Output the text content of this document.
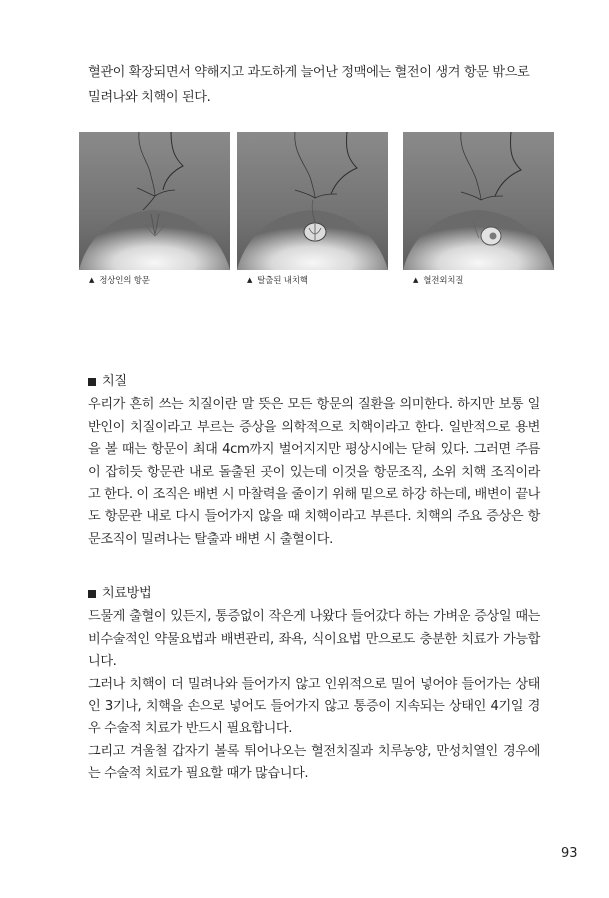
혈관이 확장되면서 약해지고 과도하게 늘어난 정맥에는 혈전이 생겨 항문 밖으로

밀려나와 치핵이 된다.

▲ 정상인의 항문	▲ 탈출된 내치핵	▲ 혈전외치질
치질

우리가 흔히 쓰는 치질이란 말 뜻은 모든 항문의 질환을 의미한다. 하지만 보통 일반인이 치질이라고 부르는 증상을 의학적으로 치핵이라고 한다. 일반적으로 용변을 볼 때는 항문이 최대 4cm까지 벌어지지만 평상시에는 닫혀 있다. 그러면 주름이 잡히듯 항문관 내로 돌출된 곳이 있는데 이것을 항문조직, 소위 치핵 조직이라고 한다. 이 조직은 배변 시 마찰력을 줄이기 위해 밑으로 하강 하는데, 배변이 끝나도 항문관 내로 다시 들어가지 않을 때 치핵이라고 부른다. 치핵의 주요 증상은 항문조직이 밀려나는 탈출과 배변 시 출혈이다.

치료방법

드물게 출혈이 있든지, 통증없이 작은게 나왔다 들어갔다 하는 가벼운 증상일 때는 비수술적인 약물요법과 배변관리, 좌욕, 식이요법 만으로도 충분한 치료가 가능합니다.

그러나 치핵이 더 밀려나와 들어가지 않고 인위적으로 밀어 넣어야 들어가는 상태인 3기나, 치핵을 손으로 넣어도 들어가지 않고 통증이 지속되는 상태인 4기일 경우 수술적 치료가 반드시 필요합니다.

그리고 겨울철 갑자기 볼록 튀어나오는 혈전치질과 치루농양, 만성치열인 경우에는 수술적 치료가 필요할 때가 많습니다.

93
